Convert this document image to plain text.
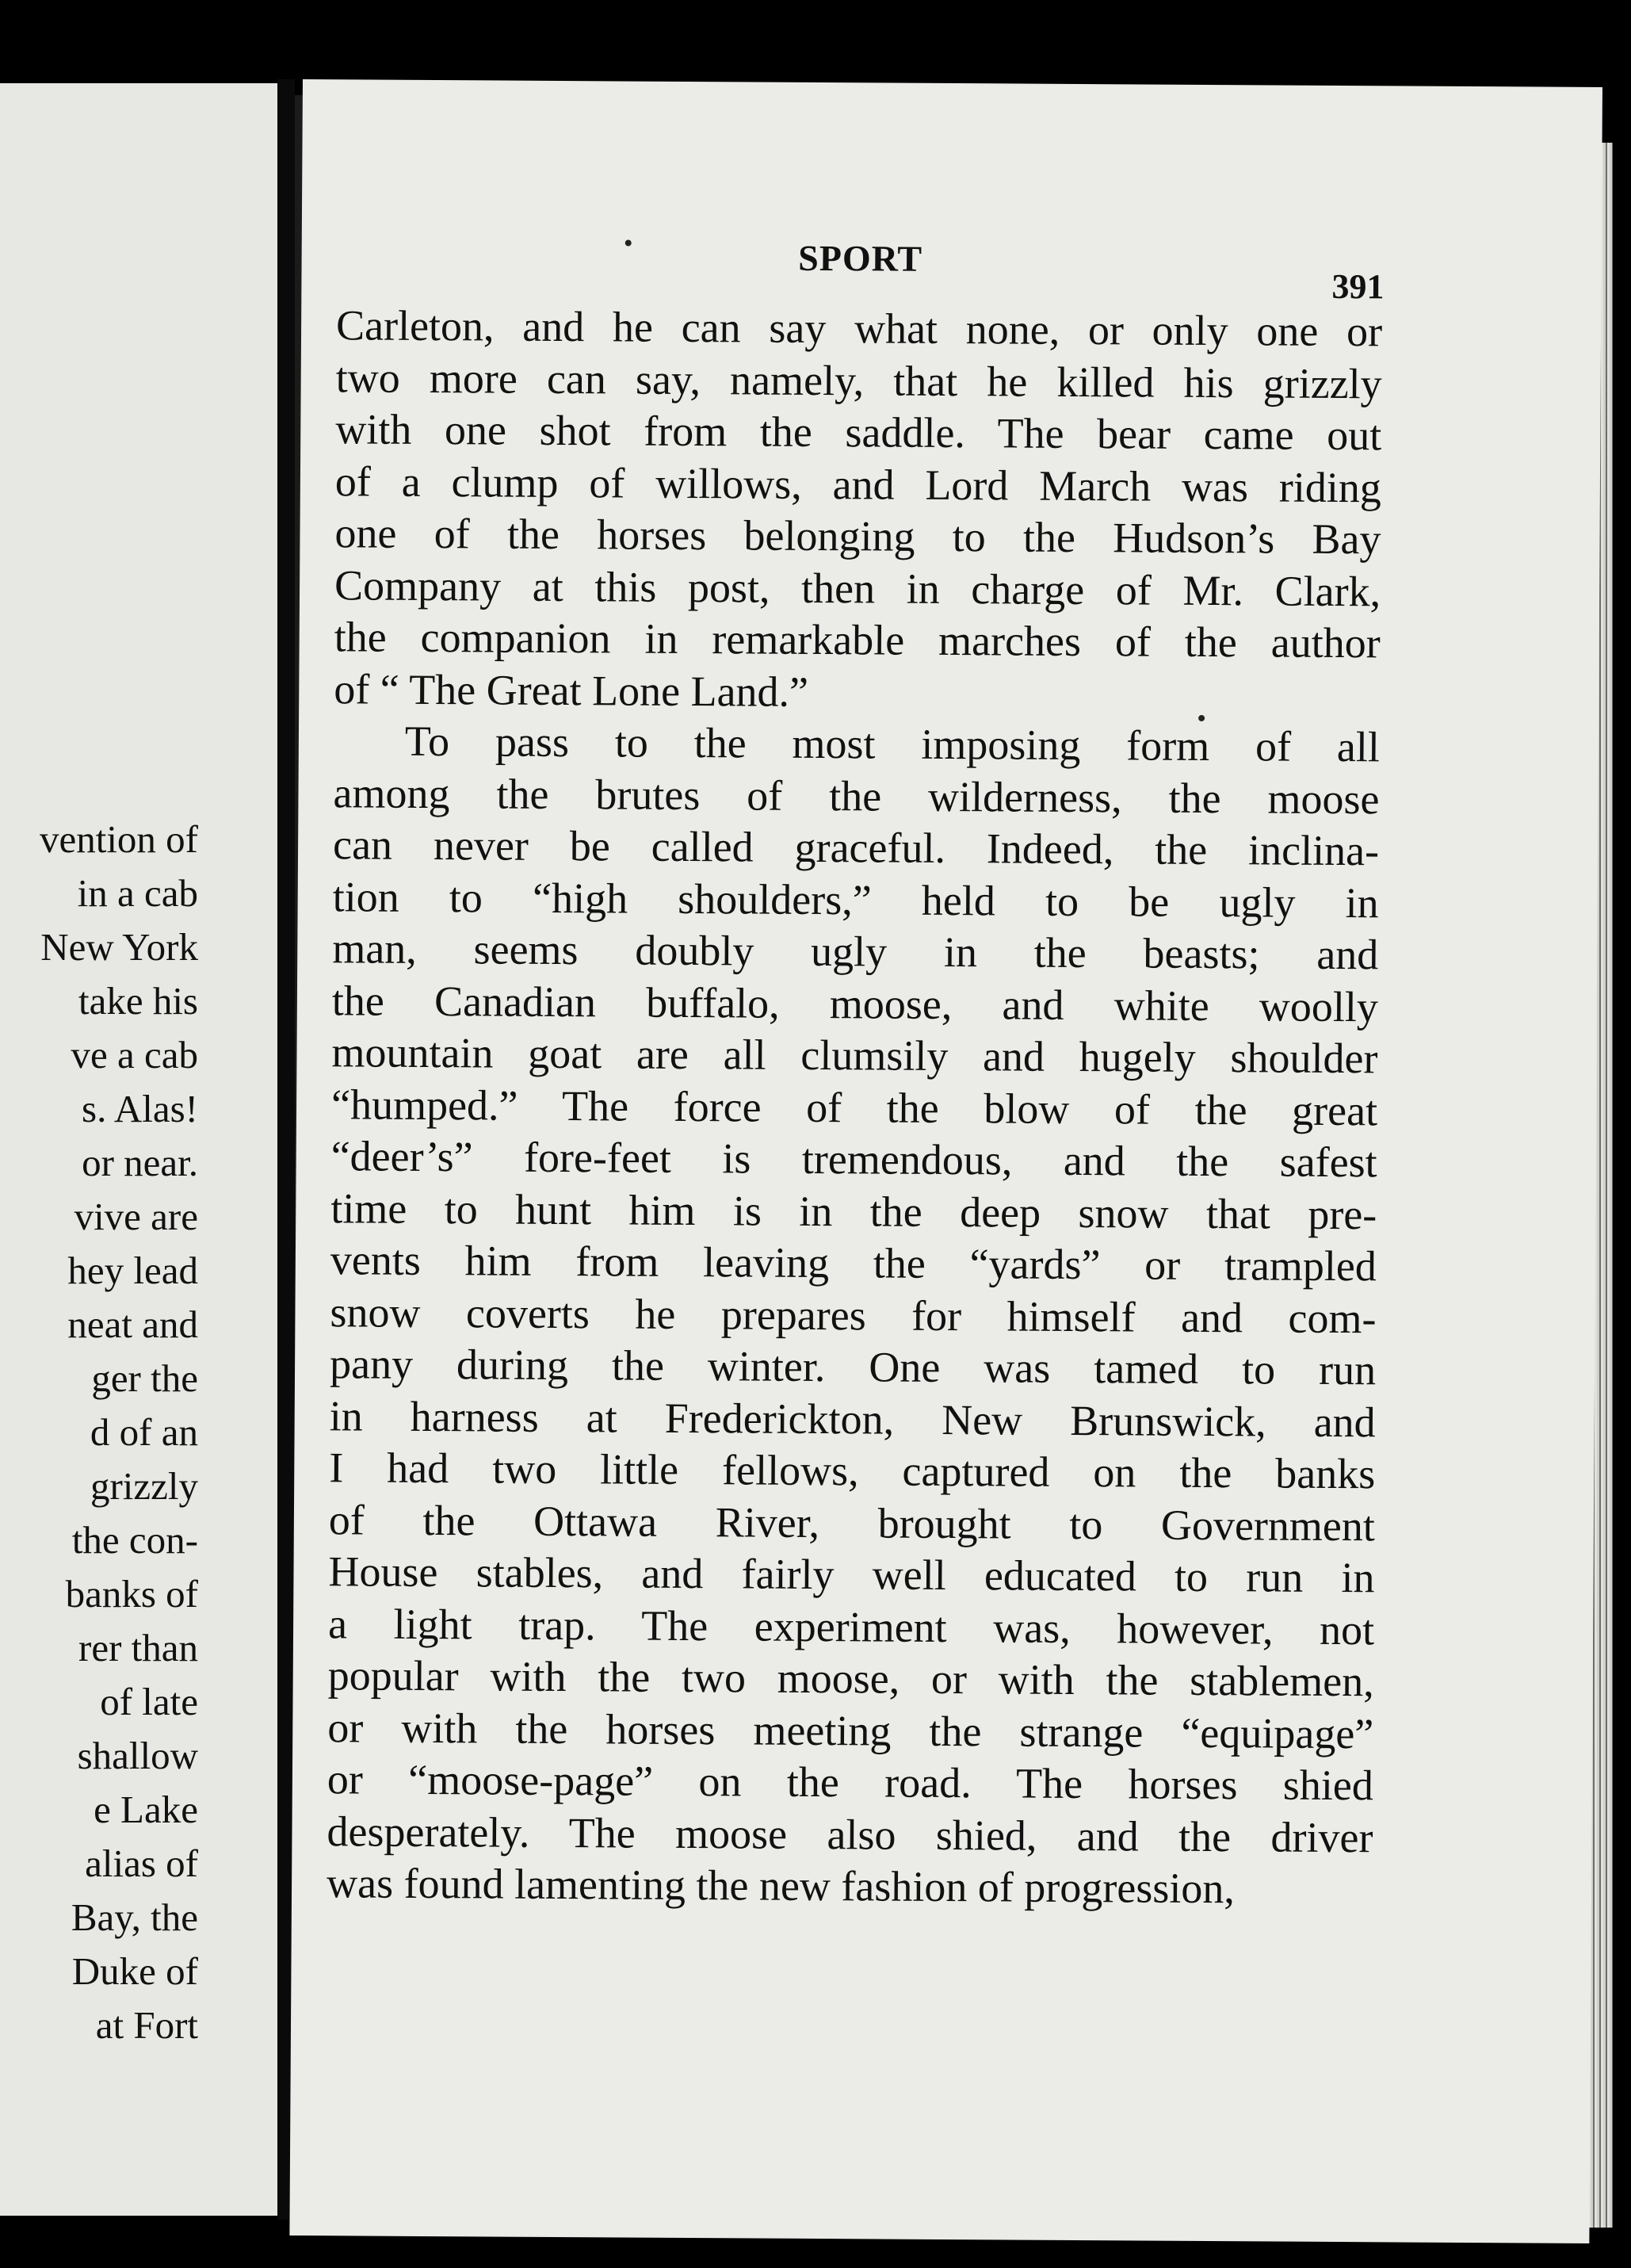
vention of
in a cab
New York
take his
ve a cab
s. Alas!
or near.
vive are
hey lead
neat and
ger the
d of an
grizzly
the con-
banks of
rer than
of late
shallow
e Lake
alias of
Bay, the
Duke of
at Fort
SPORT
391
Carleton, and he can say what none, or only one or
two more can say, namely, that he killed his grizzly
with one shot from the saddle. The bear came out
of a clump of willows, and Lord March was riding
one of the horses belonging to the Hudson’s Bay
Company at this post, then in charge of Mr. Clark,
the companion in remarkable marches of the author
of “ The Great Lone Land.”
To pass to the most imposing form of all
among the brutes of the wilderness, the moose
can never be called graceful. Indeed, the inclina-
tion to “high shoulders,” held to be ugly in
man, seems doubly ugly in the beasts; and
the Canadian buffalo, moose, and white woolly
mountain goat are all clumsily and hugely shoulder
“humped.” The force of the blow of the great
“deer’s” fore-feet is tremendous, and the safest
time to hunt him is in the deep snow that pre-
vents him from leaving the “yards” or trampled
snow coverts he prepares for himself and com-
pany during the winter. One was tamed to run
in harness at Frederickton, New Brunswick, and
I had two little fellows, captured on the banks
of the Ottawa River, brought to Government
House stables, and fairly well educated to run in
a light trap. The experiment was, however, not
popular with the two moose, or with the stablemen,
or with the horses meeting the strange “equipage”
or “moose-page” on the road. The horses shied
desperately. The moose also shied, and the driver
was found lamenting the new fashion of progression,
